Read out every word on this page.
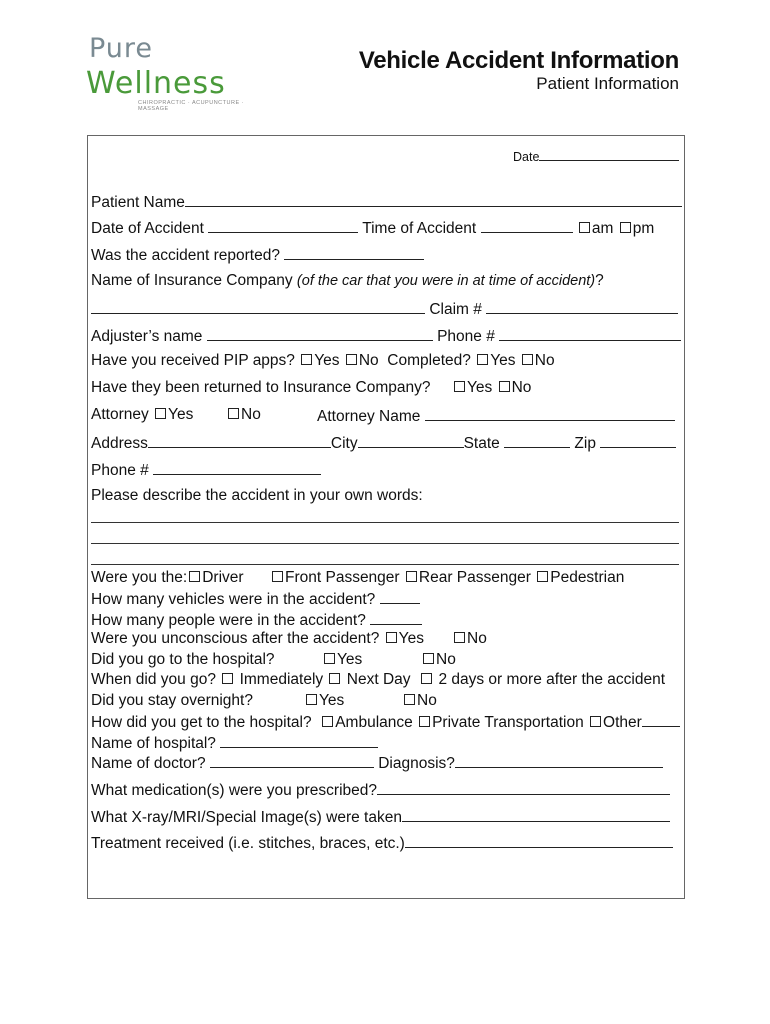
Pure
Wellness
CHIROPRACTIC · ACUPUNCTURE · MASSAGE
Vehicle Accident Information
Patient Information
Date
Patient Name
Date of Accident	Time of Accident	am pm
Was the accident reported?
Name of Insurance Company (of the car that you were in at time of accident)?
Claim #
Adjuster’s name	Phone #
Have you received PIP apps? Yes No Completed? Yes No
Have they been returned to Insurance Company?	Yes No
Attorney Yes	No	Attorney Name
Address	City	State	Zip
Phone #
Please describe the accident in your own words:
Were you the: Driver	Front Passenger Rear Passenger Pedestrian
How many vehicles were in the accident?
How many people were in the accident?
Were you unconscious after the accident? Yes	No
Did you go to the hospital?	Yes	No
When did you go? Immediately Next Day 2 days or more after the accident
Did you stay overnight?	Yes	No
How did you get to the hospital? Ambulance Private Transportation Other
Name of hospital?
Name of doctor?	Diagnosis?
What medication(s) were you prescribed?
What X-ray/MRI/Special Image(s) were taken
Treatment received (i.e. stitches, braces, etc.)
